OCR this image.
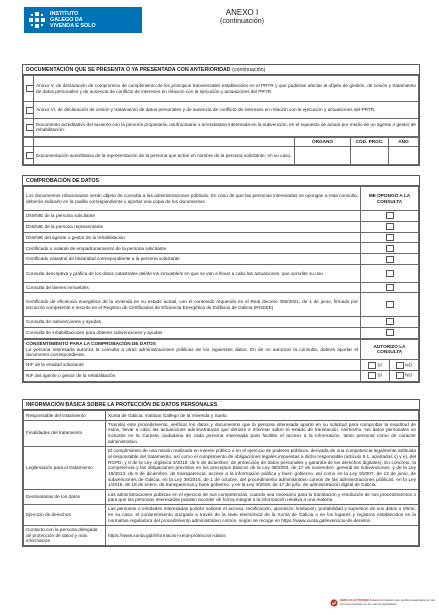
INSTITUTO
GALEGO DA
VIVENDA E SOLO
ANEXO I
(continuación)
DOCUMENTACIÓN QUE SE PRESENTA O YA PRESENTADA CON ANTERIORIDAD (continuación)
	Anexo V, de declaración de compromiso de cumplimiento de los principios transversales establecidos en el PRTR y que pudieran afectar al objeto de gestión, de cesión y tratamiento de datos personales y de ausencia de conflicto de intereses en relación con la ejecución y actuaciones del PRTR.

	Anexo VI, de declaración de cesión y tratamiento de datos personales y de ausencia de conflicto de intereses en relación con la ejecución y actuaciones del PRTR.

	Documento acreditativo del acuerdo con la persona propietaria, usufructuaria o arrendataria interesada en la subvención, en el supuesto de actuar por medio de un agente o gestor de rehabilitación.
		ÓRGANO	CÓD. PROC.	AÑO

	Documentación acreditativa de la representación de la persona que actúe en nombre de la persona solicitante, en su caso.			
COMPROBACIÓN DE DATOS
Los documentos relacionados serán objeto de consulta a las administraciones públicas. En caso de que las personas interesadas se opongan a esta consulta, deberán indicarlo en la casilla correspondiente y aportar una copia de los documentos.	ME OPONGO A LA CONSULTA
DNI/NIE de la persona solicitante	

DNI/NIE de la persona representante	

DNI/NIE del agente o gestor de la rehabilitación	

Certificado o volante de empadronamiento de la persona solicitante	

Certificado catastral de titularidad correspondiente a la persona solicitante	

Consulta descriptiva y gráfica de los datos catastrales del/de los inmueble/s en que se van a llevar a cabo las actuaciones, que acredite su uso	

Consulta de bienes inmuebles	

Certificado de eficiencia energética de la vivienda en su estado actual, con el contenido requerido en el Real decreto 390/2021, de 1 de junio, firmado por técnico/a competente e inscrito en el Registro de Certificados de Eficiencia Energética de Edificios de Galicia (RGEEE)	

Consulta de subvenciones y ayudas	

Consulta de inhabilitaciones para obtener subvenciones y ayudas	
CONSENTIMIENTO PARA LA COMPROBACIÓN DE DATOS
La persona interesada autoriza la consulta a otras administraciones públicas de los siguientes datos. En de no autorizar la consulta, deberá aportar el documento correspondiente.	AUTORIZO LA CONSULTA	
NIF de la entidad solicitante	SÍ	NO
NIF del agente o gestor de la rehabilitación	SÍ	NO
INFORMACIÓN BÁSICA SOBRE LA PROTECCIÓN DE DATOS PERSONALES
Responsable del tratamiento	Xunta de Galicia. Instituto Gallego de la Vivienda y Suelo.
Finalidades del tratamiento	Tramitar este procedimiento, verificar los datos y documentos que la persona interesada aporte en su solicitud para comprobar la exactitud de estos, llevar a cabo las actuaciones administrativas que deriven e informar sobre el estado de tramitación. Asimismo, los datos personales se incluirán en la Carpeta ciudadana de cada persona interesada para facilitar el acceso a la información, tanto personal como de carácter administrativo.
Legitimación para el tratamiento	El cumplimiento de una misión realizada en interés público o en el ejercicio de poderes públicos, derivada de una competencia legalmente atribuida al responsable del tratamiento, así como el cumplimiento de obligaciones legales impuestas a dicho responsable (artículo 6.1, apartados c) y e), del RGPD, y 8 de la Ley orgánica 3/2018, de 5 de diciembre, de protección de datos personales y garantía de los derechos digitales). En concreto, la competencia y las obligaciones previstas en los preceptos básicos de la Ley 38/2003, de 17 de noviembre, general de subvenciones, y de la Ley 19/2013, de 9 de diciembre, de transparencia, acceso a la información pública y buen gobierno, así como en la Ley 9/2007, de 13 de junio, de subvenciones de Galicia, en la Ley 39/2015, de 1 de octubre, del procedimiento administrativo común de las administraciones públicas, en la Ley 1/2016, de 18 de enero, de transparencia y buen gobierno, y en la Ley 4/2019, de 17 de julio, de administración digital de Galicia.
Destinatarias de los datos	Las administraciones públicas en el ejercicio de sus competencias, cuando sea necesario para la tramitación y resolución de sus procedimientos o para que las personas interesadas puedan acceder de forma integral a la información relativa a una materia.
Ejercicio de derechos	Las personas o entidades interesadas podrán solicitar el acceso, rectificación, oposición, limitación, portabilidad y supresión de sus datos o retirar, en su caso, el consentimiento otorgado a través de la sede electrónica de la Xunta de Galicia o en los lugares y registros establecidos en la normativa reguladora del procedimiento administrativo común, según se recoge en https://www.xunta.gal/exercicio-de-dereitos
Contacto con la persona delegada de protección de datos y más información	https://www.xunta.gal/informacion-xeral-proteccion-datos
SEDE ELECTRÓNICA Este formulario solo podrá presentarse en las formas previstas en su norma reguladora
